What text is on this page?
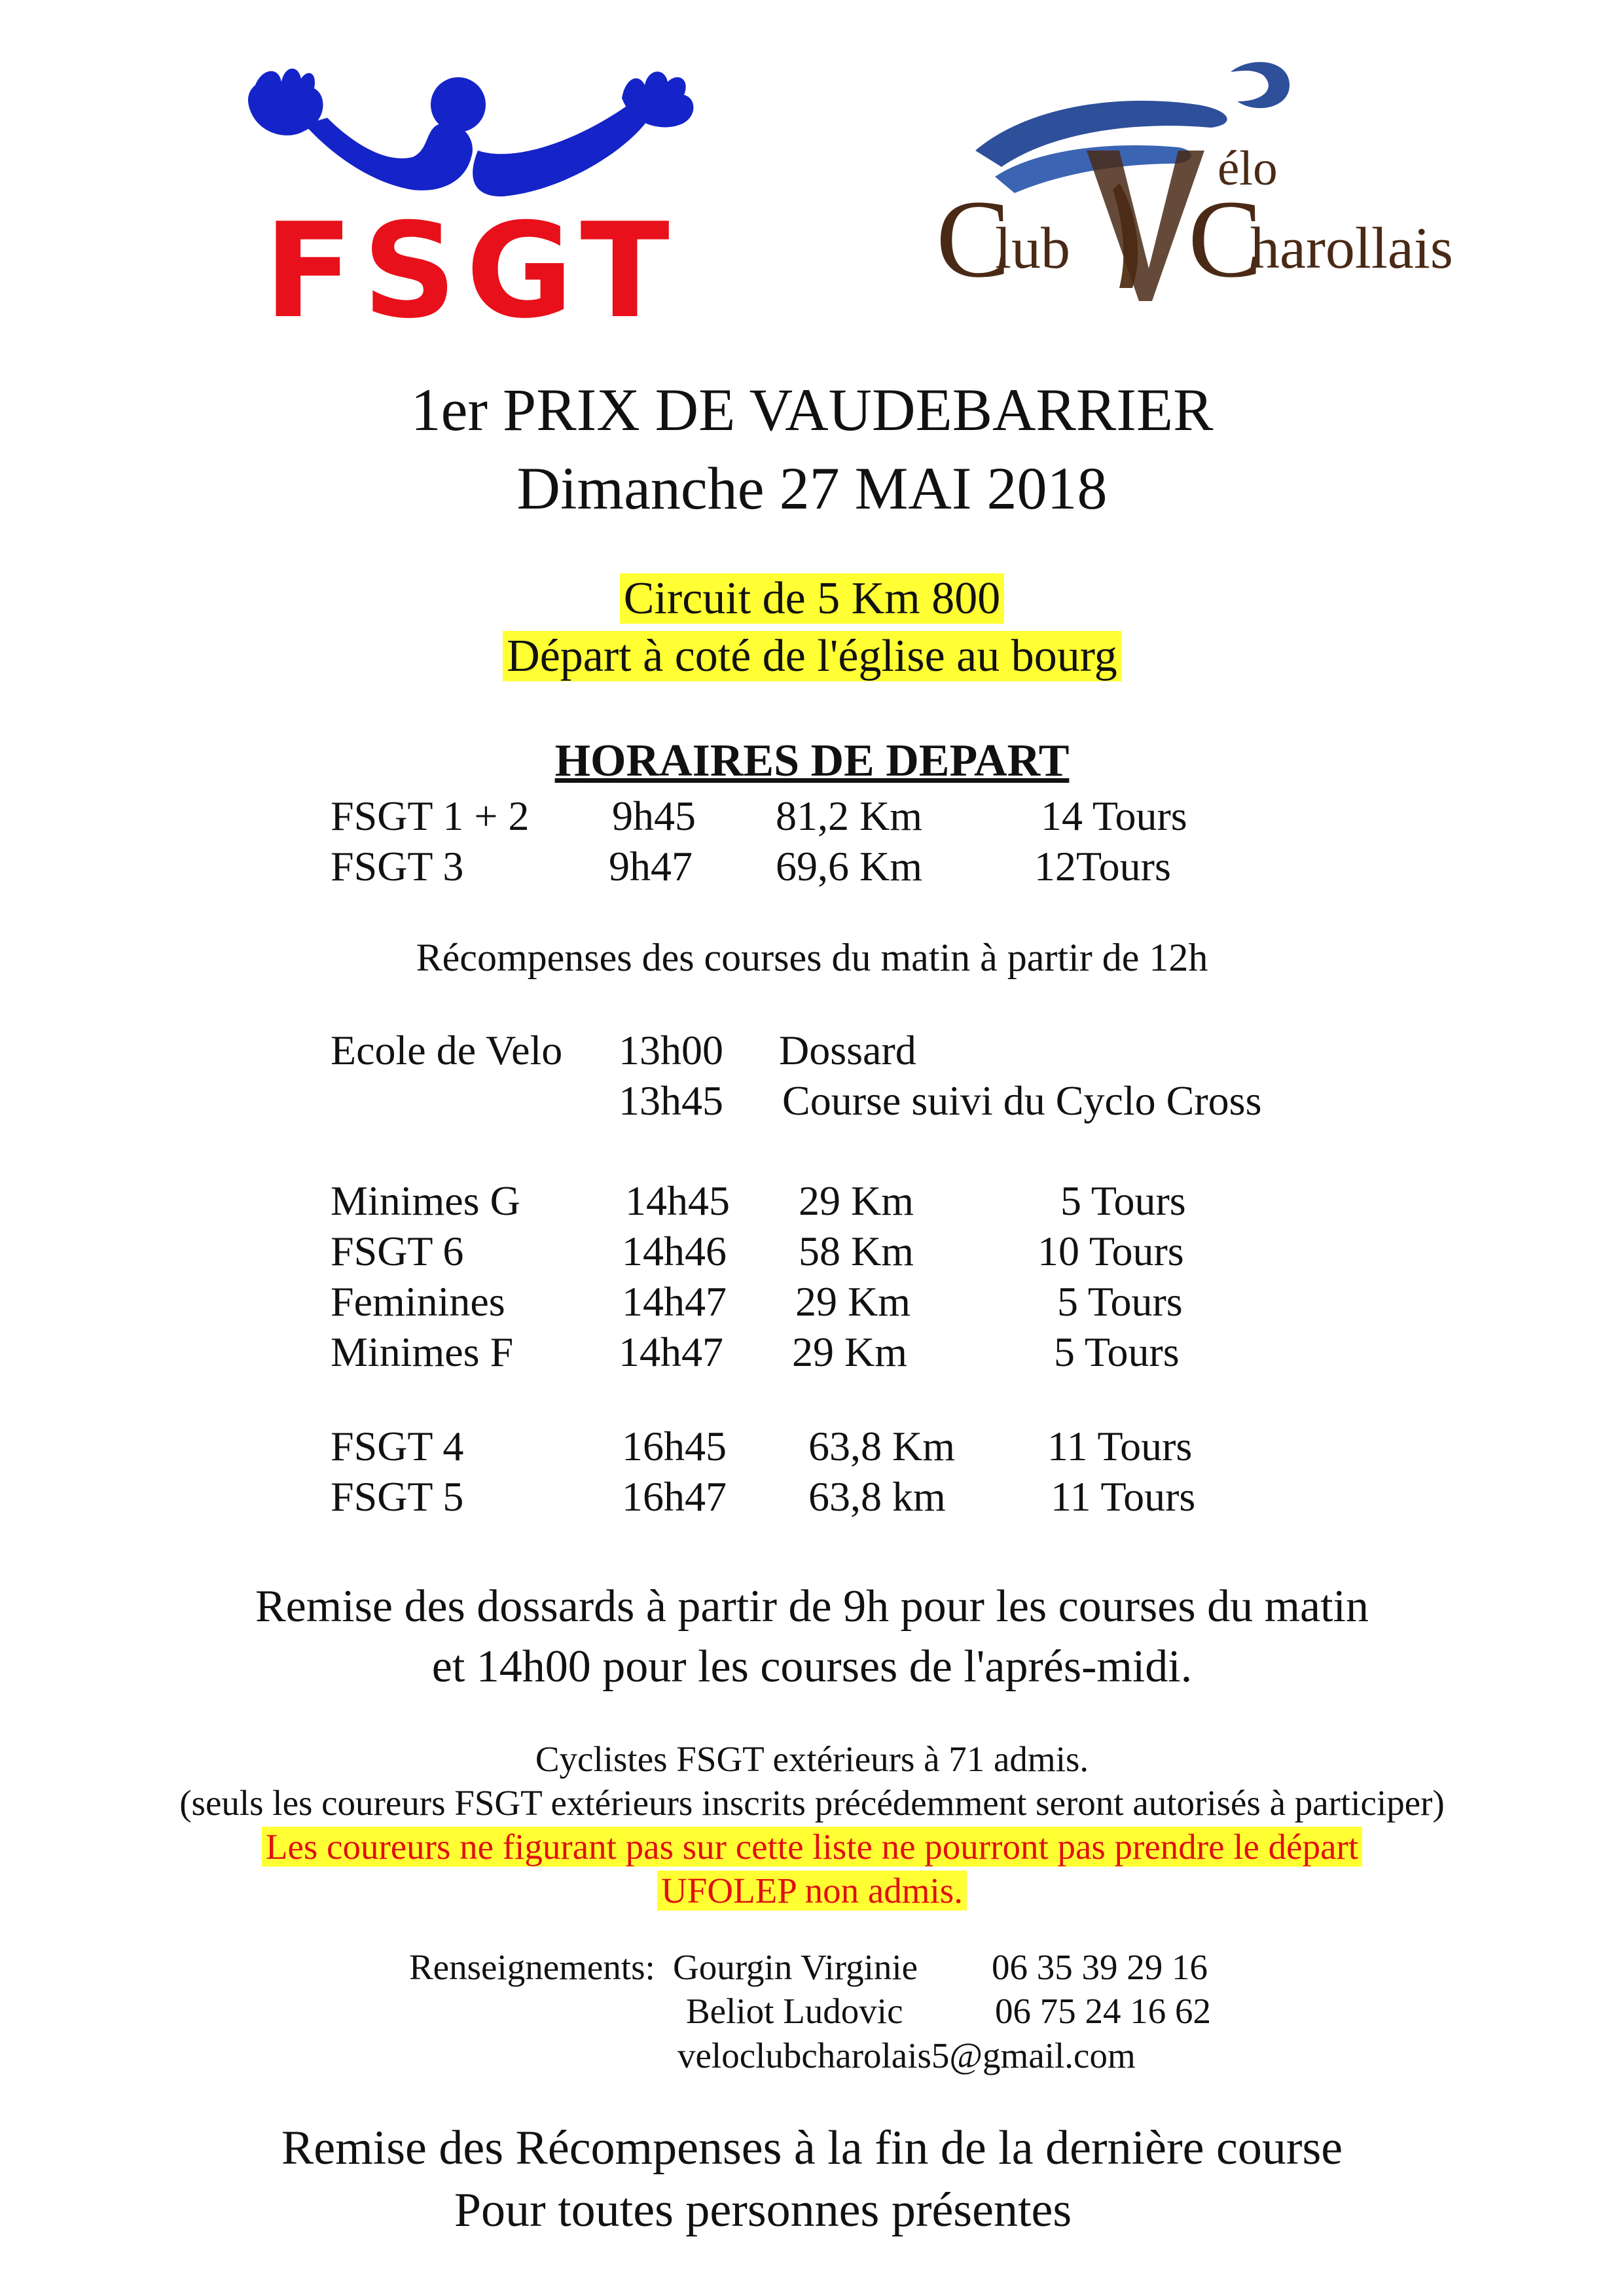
FSGT C
lub C
harollais
élo
1er PRIX DE VAUDEBARRIER
Dimanche 27 MAI 2018
Circuit de 5 Km 800
Départ à coté de l'église au bourg
HORAIRES DE DEPART
FSGT 1 + 2 9h45 81,2 Km	14 Tours
FSGT 3	9h47 69,6 Km	12Tours
Récompenses des courses du matin à partir de 12h
Ecole de Velo 13h00 Dossard
13h45 Course suivi du Cyclo Cross
Minimes G	14h45 29 Km	5 Tours
FSGT 6	14h46 58 Km	10 Tours
Feminines	14h47 29 Km	5 Tours
Minimes F	14h47 29 Km	5 Tours
FSGT 4	16h45 63,8 Km 11 Tours
FSGT 5	16h47 63,8 km	11 Tours
Remise des dossards à partir de 9h pour les courses du matin
et 14h00 pour les courses de l'aprés-midi.
Cyclistes FSGT extérieurs à 71 admis.
(seuls les coureurs FSGT extérieurs inscrits précédemment seront autorisés à participer)
Les coureurs ne figurant pas sur cette liste ne pourront pas prendre le départ
UFOLEP non admis.
Renseignements: Gourgin Virginie 06 35 39 29 16
Beliot Ludovic	06 75 24 16 62
veloclubcharolais5@gmail.com
Remise des Récompenses à la fin de la dernière course
Pour toutes personnes présentes
